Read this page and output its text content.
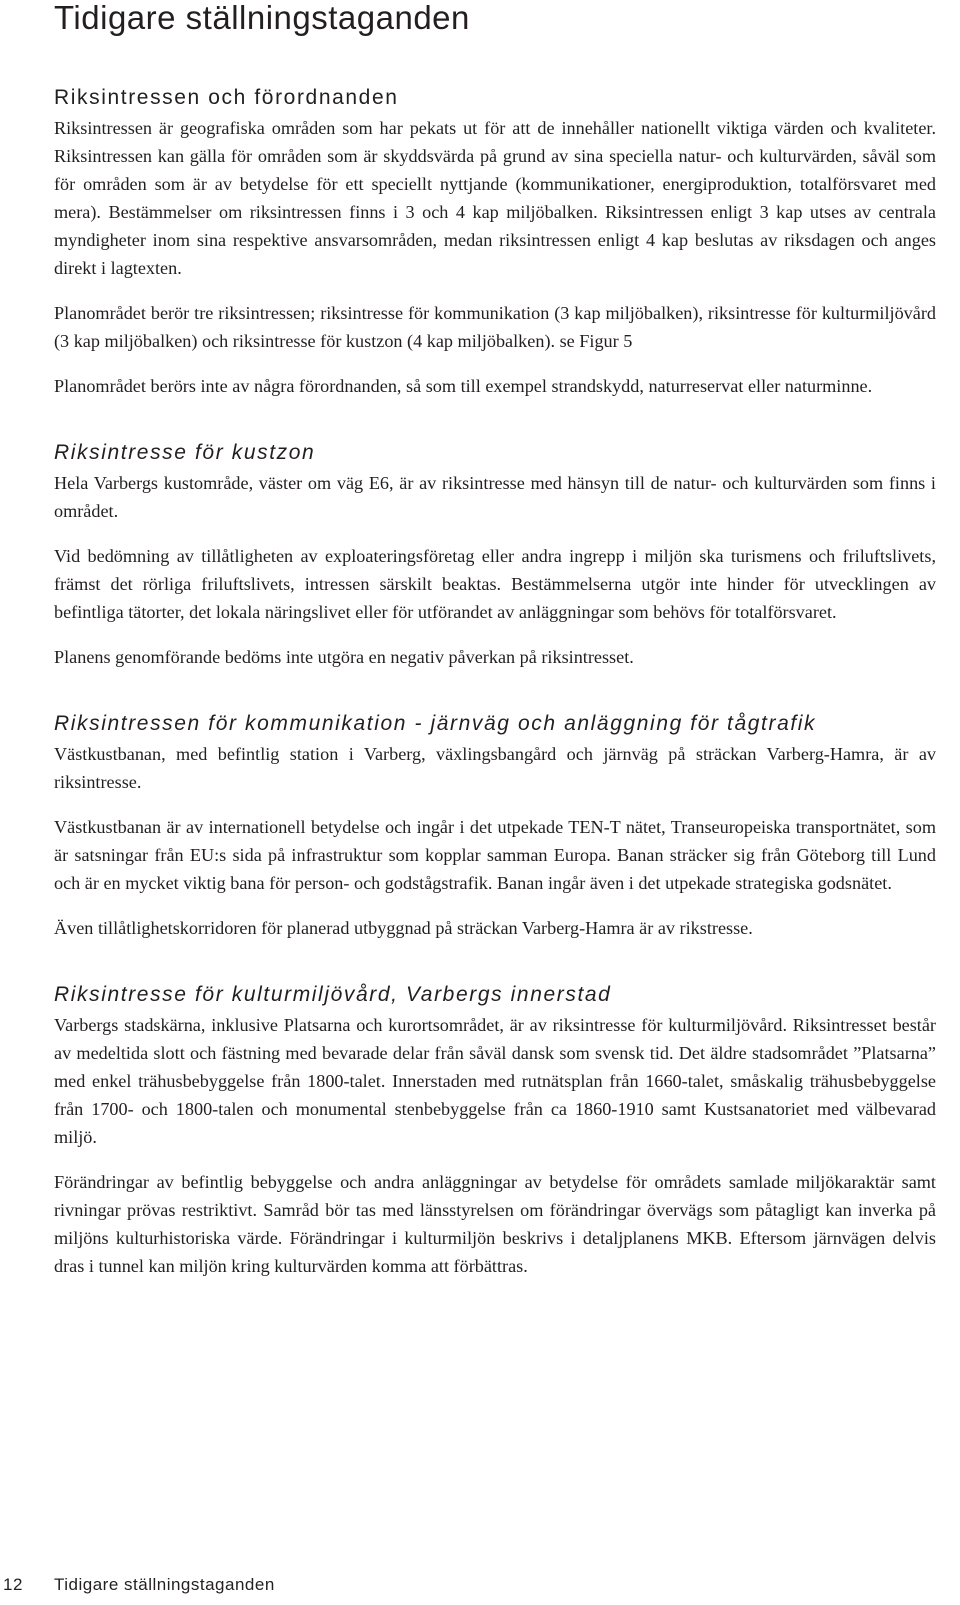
Tidigare ställningstaganden
Riksintressen och förordnanden

Riksintressen är geografiska områden som har pekats ut för att de innehåller nationellt viktiga värden och kvaliteter. Riksintressen kan gälla för områden som är skyddsvärda på grund av sina speciella natur- och kulturvärden, såväl som för områden som är av betydelse för ett speciellt nyttjande (kommunikationer, energiproduktion, totalförsvaret med mera). Bestämmelser om riksintressen finns i 3 och 4 kap miljöbalken. Riksintressen enligt 3 kap utses av centrala myndigheter inom sina respektive ansvarsområden, medan riksintressen enligt 4 kap beslutas av riksdagen och anges direkt i lagtexten.

Planområdet berör tre riksintressen; riksintresse för kommunikation (3 kap miljöbalken), riksintresse för kulturmiljövård (3 kap miljöbalken) och riksintresse för kustzon (4 kap miljöbalken). se Figur 5

Planområdet berörs inte av några förordnanden, så som till exempel strandskydd, naturreservat eller naturminne.

Riksintresse för kustzon

Hela Varbergs kustområde, väster om väg E6, är av riksintresse med hänsyn till de natur- och kulturvärden som finns i området.

Vid bedömning av tillåtligheten av exploateringsföretag eller andra ingrepp i miljön ska turismens och friluftslivets, främst det rörliga friluftslivets, intressen särskilt beaktas. Bestämmelserna utgör inte hinder för utvecklingen av befintliga tätorter, det lokala näringslivet eller för utförandet av anläggningar som behövs för totalförsvaret.

Planens genomförande bedöms inte utgöra en negativ påverkan på riksintresset.

Riksintressen för kommunikation - järnväg och anläggning för tågtrafik

Västkustbanan, med befintlig station i Varberg, växlingsbangård och järnväg på sträckan Varberg-Hamra, är av riksintresse.

Västkustbanan är av internationell betydelse och ingår i det utpekade TEN-T nätet, Transeuropeiska transportnätet, som är satsningar från EU:s sida på infrastruktur som kopplar samman Europa. Banan sträcker sig från Göteborg till Lund och är en mycket viktig bana för person- och godstågstrafik. Banan ingår även i det utpekade strategiska godsnätet.

Även tillåtlighetskorridoren för planerad utbyggnad på sträckan Varberg-Hamra är av rikstresse.

Riksintresse för kulturmiljövård, Varbergs innerstad

Varbergs stadskärna, inklusive Platsarna och kurortsområdet, är av riksintresse för kulturmiljövård. Riksintresset består av medeltida slott och fästning med bevarade delar från såväl dansk som svensk tid. Det äldre stadsområdet ”Platsarna” med enkel trähusbebyggelse från 1800-talet. Innerstaden med rutnätsplan från 1660-talet, småskalig trähusbebyggelse från 1700- och 1800-talen och monumental stenbebyggelse från ca 1860-1910 samt Kustsanatoriet med välbevarad miljö.

Förändringar av befintlig bebyggelse och andra anläggningar av betydelse för områdets samlade miljökaraktär samt rivningar prövas restriktivt. Samråd bör tas med länsstyrelsen om förändringar övervägs som påtagligt kan inverka på miljöns kulturhistoriska värde. Förändringar i kulturmiljön beskrivs i detaljplanens MKB. Eftersom järnvägen delvis dras i tunnel kan miljön kring kulturvärden komma att förbättras.

12 Tidigare ställningstaganden
